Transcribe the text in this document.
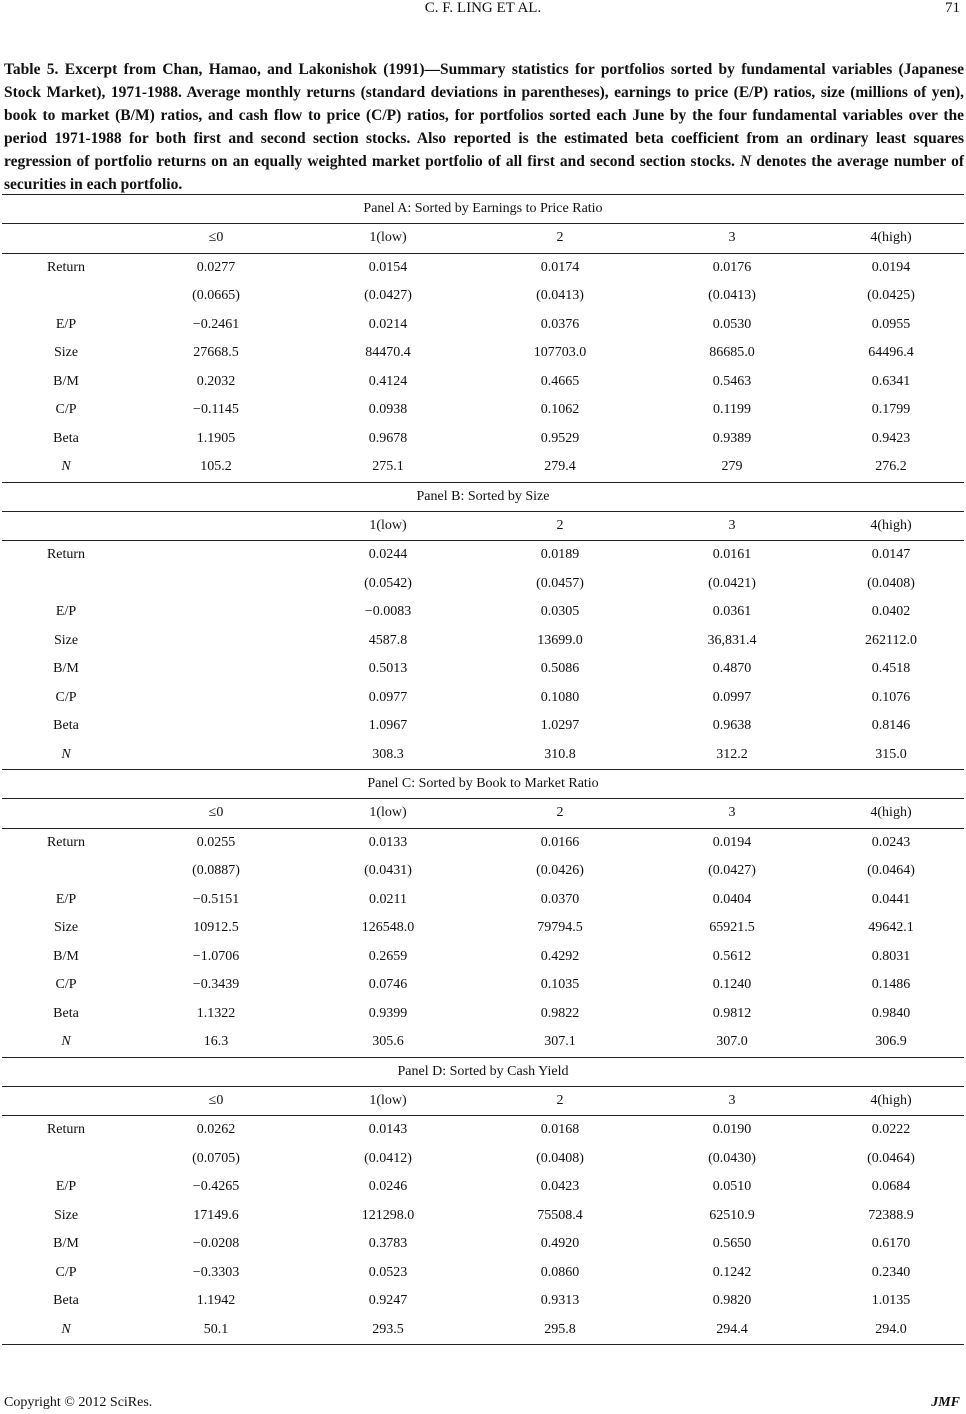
C. F. LING ET AL.	71
Table 5. Excerpt from Chan, Hamao, and Lakonishok (1991)—Summary statistics for portfolios sorted by fundamental variables (Japanese Stock Market), 1971-1988. Average monthly returns (standard deviations in parentheses), earnings to price (E/P) ratios, size (millions of yen), book to market (B/M) ratios, and cash flow to price (C/P) ratios, for portfolios sorted each June by the four fundamental variables over the period 1971-1988 for both first and second section stocks. Also reported is the estimated beta coefficient from an ordinary least squares regression of portfolio returns on an equally weighted market portfolio of all first and second section stocks. N denotes the average number of securities in each portfolio.
Panel A: Sorted by Earnings to Price Ratio					
	≤0	1(low)	2	3	4(high)
Return	0.0277	0.0154	0.0174	0.0176	0.0194
	(0.0665)	(0.0427)	(0.0413)	(0.0413)	(0.0425)
E/P	−0.2461	0.0214	0.0376	0.0530	0.0955
Size	27668.5	84470.4	107703.0	86685.0	64496.4
B/M	0.2032	0.4124	0.4665	0.5463	0.6341
C/P	−0.1145	0.0938	0.1062	0.1199	0.1799
Beta	1.1905	0.9678	0.9529	0.9389	0.9423
N	105.2	275.1	279.4	279	276.2
Panel B: Sorted by Size					
		1(low)	2	3	4(high)
Return		0.0244	0.0189	0.0161	0.0147
		(0.0542)	(0.0457)	(0.0421)	(0.0408)
E/P		−0.0083	0.0305	0.0361	0.0402
Size		4587.8	13699.0	36,831.4	262112.0
B/M		0.5013	0.5086	0.4870	0.4518
C/P		0.0977	0.1080	0.0997	0.1076
Beta		1.0967	1.0297	0.9638	0.8146
N		308.3	310.8	312.2	315.0
Panel C: Sorted by Book to Market Ratio					
	≤0	1(low)	2	3	4(high)
Return	0.0255	0.0133	0.0166	0.0194	0.0243
	(0.0887)	(0.0431)	(0.0426)	(0.0427)	(0.0464)
E/P	−0.5151	0.0211	0.0370	0.0404	0.0441
Size	10912.5	126548.0	79794.5	65921.5	49642.1
B/M	−1.0706	0.2659	0.4292	0.5612	0.8031
C/P	−0.3439	0.0746	0.1035	0.1240	0.1486
Beta	1.1322	0.9399	0.9822	0.9812	0.9840
N	16.3	305.6	307.1	307.0	306.9
Panel D: Sorted by Cash Yield					
	≤0	1(low)	2	3	4(high)
Return	0.0262	0.0143	0.0168	0.0190	0.0222
	(0.0705)	(0.0412)	(0.0408)	(0.0430)	(0.0464)
E/P	−0.4265	0.0246	0.0423	0.0510	0.0684
Size	17149.6	121298.0	75508.4	62510.9	72388.9
B/M	−0.0208	0.3783	0.4920	0.5650	0.6170
C/P	−0.3303	0.0523	0.0860	0.1242	0.2340
Beta	1.1942	0.9247	0.9313	0.9820	1.0135
N	50.1	293.5	295.8	294.4	294.0
Copyright © 2012 SciRes.	JMF
